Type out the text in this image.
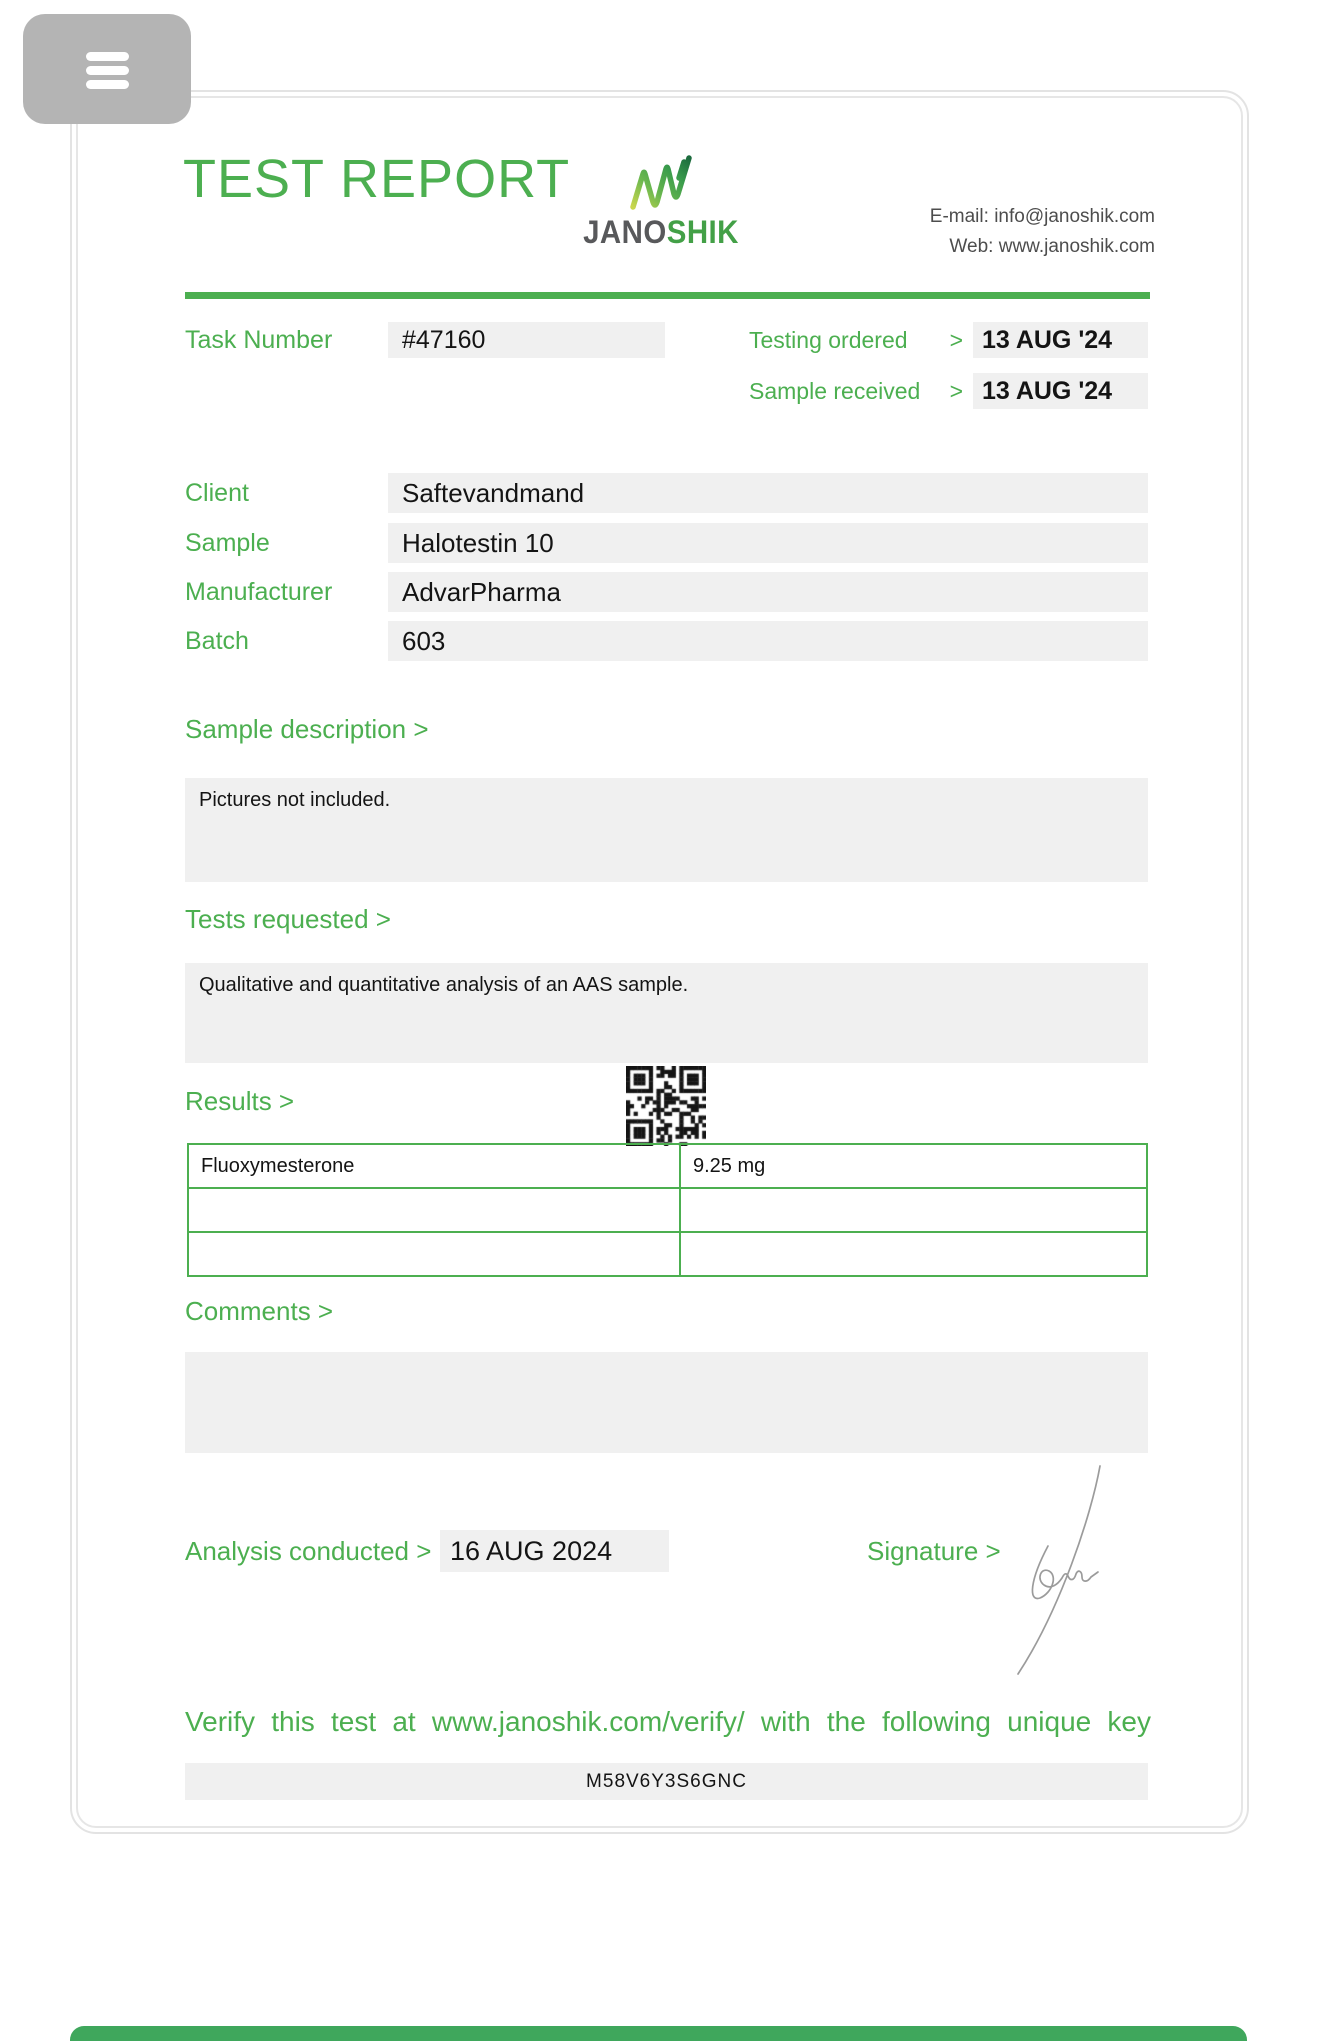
TEST REPORT
JANOSHIK	E-mail: info@janoshik.com
Web: www.janoshik.com
Task Number	#47160	Testing ordered > 13 AUG '24
Sample received > 13 AUG '24
Client	Saftevandmand
Sample	Halotestin 10
Manufacturer	AdvarPharma
Batch	603
Sample description >
Pictures not included.
Tests requested >
Qualitative and quantitative analysis of an AAS sample.
Results >
Fluoxymesterone	9.25 mg

Comments >
Analysis conducted > 16 AUG 2024	Signature >
Verify this test at www.janoshik.com/verify/ with the following unique key
M58V6Y3S6GNC
